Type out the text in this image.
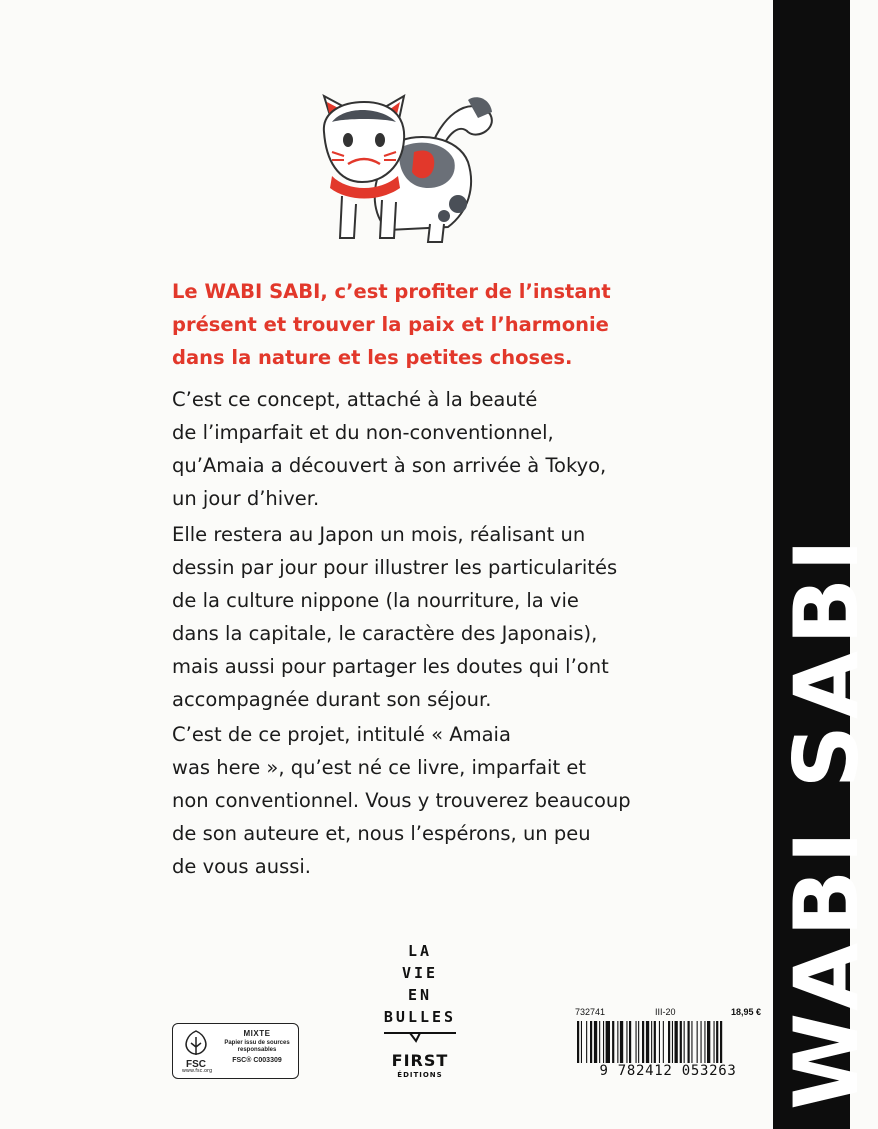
WABI SABI
Le WABI SABI, c’est profiter de l’instant
présent et trouver la paix et l’harmonie
dans la nature et les petites choses.
C’est ce concept, attaché à la beauté
de l’imparfait et du non-conventionnel,
qu’Amaia a découvert à son arrivée à Tokyo,
un jour d’hiver.
Elle restera au Japon un mois, réalisant un
dessin par jour pour illustrer les particularités
de la culture nippone (la nourriture, la vie
dans la capitale, le caractère des Japonais),
mais aussi pour partager les doutes qui l’ont
accompagnée durant son séjour.
C’est de ce projet, intitulé « Amaia
was here », qu’est né ce livre, imparfait et
non conventionnel. Vous y trouverez beaucoup
de son auteure et, nous l’espérons, un peu
de vous aussi.
LA
VIE
EN
BULLES
FIRST
ÉDITIONS
FSC
www.fsc.org
MIXTE
Papier issu de sources responsables
FSC® C003309
732741	III-20	18,95 €
9 782412 053263
